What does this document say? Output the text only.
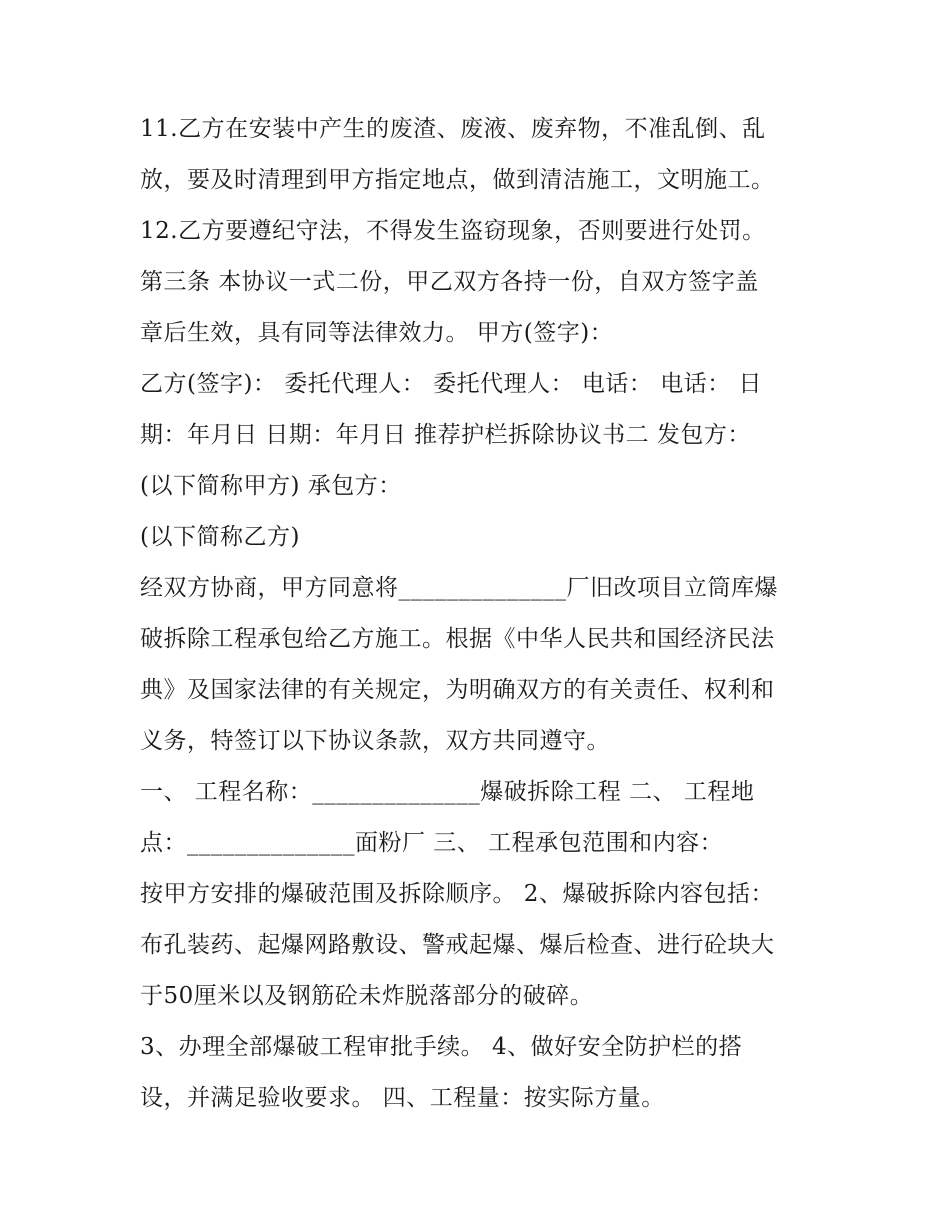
11.乙方在安装中产生的废渣、废液、废弃物，不准乱倒、乱
放，要及时清理到甲方指定地点，做到清洁施工，文明施工。
12.乙方要遵纪守法，不得发生盗窃现象，否则要进行处罚。
第三条 本协议一式二份，甲乙双方各持一份，自双方签字盖
章后生效，具有同等法律效力。 甲方(签字)：
乙方(签字)： 委托代理人： 委托代理人： 电话： 电话： 日
期：年月日 日期：年月日 推荐护栏拆除协议书二 发包方：
(以下简称甲方) 承包方：
(以下简称乙方)
经双方协商，甲方同意将______________厂旧改项目立筒库爆
破拆除工程承包给乙方施工。根据《中华人民共和国经济民法
典》及国家法律的有关规定，为明确双方的有关责任、权利和
义务，特签订以下协议条款，双方共同遵守。
一、 工程名称：______________爆破拆除工程 二、 工程地
点：______________面粉厂 三、 工程承包范围和内容：
按甲方安排的爆破范围及拆除顺序。 2、爆破拆除内容包括：
布孔装药、起爆网路敷设、警戒起爆、爆后检查、进行砼块大
于50厘米以及钢筋砼未炸脱落部分的破碎。
3、办理全部爆破工程审批手续。 4、做好安全防护栏的搭
设，并满足验收要求。 四、工程量：按实际方量。
